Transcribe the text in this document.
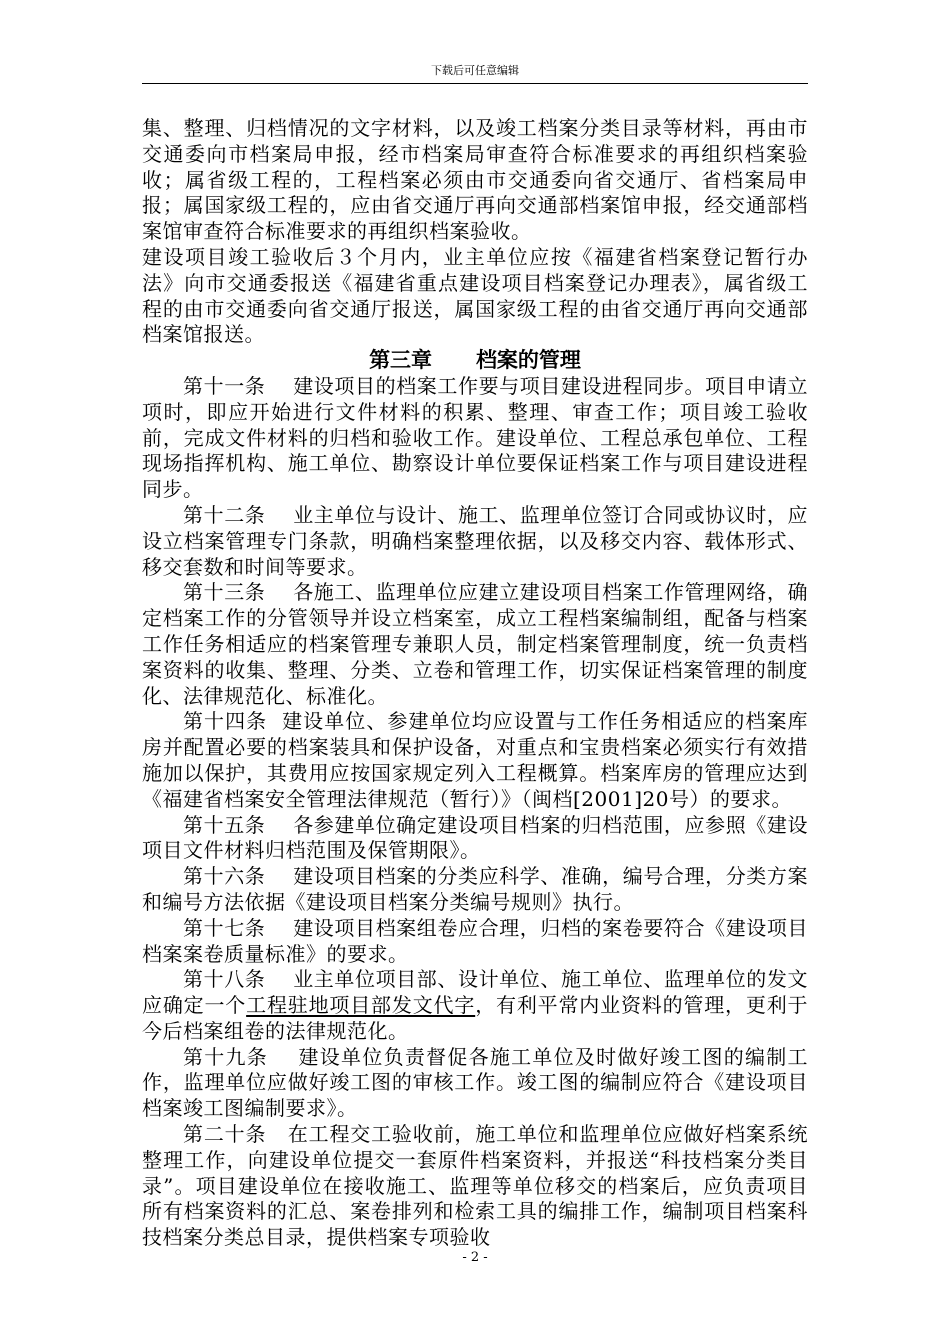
下载后可任意编辑

集、整理、归档情况的文字材料，以及竣工档案分类目录等材料，再由市交通委向市档案局申报，经市档案局审查符合标准要求的再组织档案验收；属省级工程的，工程档案必须由市交通委向省交通厅、省档案局申报；属国家级工程的，应由省交通厅再向交通部档案馆申报，经交通部档案馆审查符合标准要求的再组织档案验收。

建设项目竣工验收后３个月内，业主单位应按《福建省档案登记暂行办法》向市交通委报送《福建省重点建设项目档案登记办理表》，属省级工程的由市交通委向省交通厅报送，属国家级工程的由省交通厅再向交通部档案馆报送。

第三章 档案的管理

第十一条 建设项目的档案工作要与项目建设进程同步。项目申请立项时，即应开始进行文件材料的积累、整理、审查工作；项目竣工验收前，完成文件材料的归档和验收工作。建设单位、工程总承包单位、工程现场指挥机构、施工单位、勘察设计单位要保证档案工作与项目建设进程同步。

第十二条 业主单位与设计、施工、监理单位签订合同或协议时，应设立档案管理专门条款，明确档案整理依据，以及移交内容、载体形式、移交套数和时间等要求。

第十三条 各施工、监理单位应建立建设项目档案工作管理网络，确定档案工作的分管领导并设立档案室，成立工程档案编制组，配备与档案工作任务相适应的档案管理专兼职人员，制定档案管理制度，统一负责档案资料的收集、整理、分类、立卷和管理工作，切实保证档案管理的制度化、法律规范化、标准化。

第十四条 建设单位、参建单位均应设置与工作任务相适应的档案库房并配置必要的档案装具和保护设备，对重点和宝贵档案必须实行有效措施加以保护，其费用应按国家规定列入工程概算。档案库房的管理应达到《福建省档案安全管理法律规范（暂行）》（闽档[2001]20号）的要求。

第十五条 各参建单位确定建设项目档案的归档范围，应参照《建设项目文件材料归档范围及保管期限》。

第十六条 建设项目档案的分类应科学、准确，编号合理，分类方案和编号方法依据《建设项目档案分类编号规则》执行。

第十七条 建设项目档案组卷应合理，归档的案卷要符合《建设项目档案案卷质量标准》的要求。

第十八条 业主单位项目部、设计单位、施工单位、监理单位的发文应确定一个工程驻地项目部发文代字，有利平常内业资料的管理，更利于今后档案组卷的法律规范化。

第十九条 建设单位负责督促各施工单位及时做好竣工图的编制工作，监理单位应做好竣工图的审核工作。竣工图的编制应符合《建设项目档案竣工图编制要求》。

第二十条 在工程交工验收前，施工单位和监理单位应做好档案系统整理工作，向建设单位提交一套原件档案资料，并报送“科技档案分类目录”。项目建设单位在接收施工、监理等单位移交的档案后，应负责项目所有档案资料的汇总、案卷排列和检索工具的编排工作，编制项目档案科技档案分类总目录，提供档案专项验收

- 2 -
